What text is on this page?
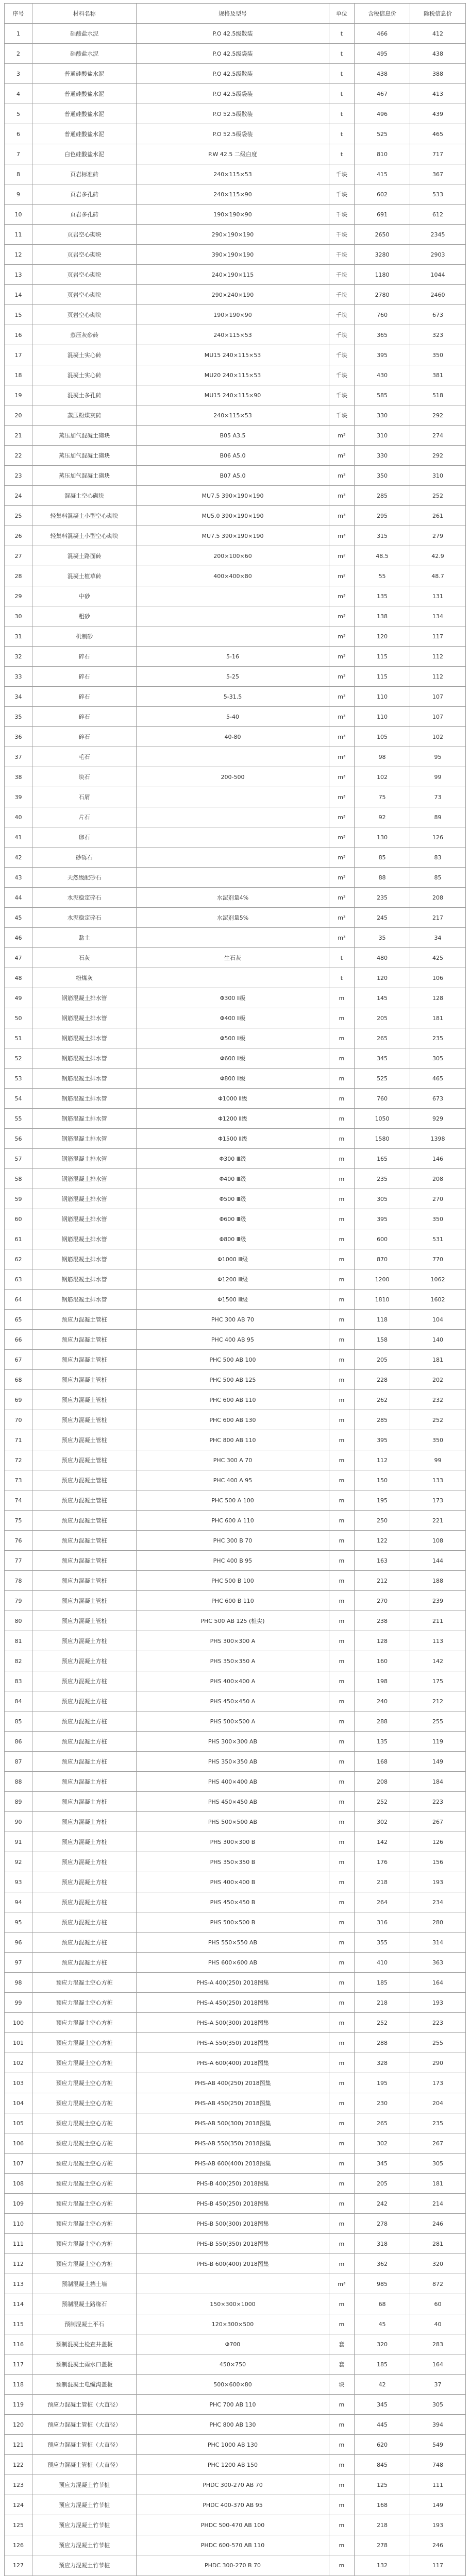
序号	材料名称	规格及型号	单位	含税信息价	除税信息价
1	硅酸盐水泥	P.O 42.5级散装	t	466	412
2	硅酸盐水泥	P.O 42.5级袋装	t	495	438
3	普通硅酸盐水泥	P.O 42.5级散装	t	438	388
4	普通硅酸盐水泥	P.O 42.5级袋装	t	467	413
5	普通硅酸盐水泥	P.O 52.5级散装	t	496	439
6	普通硅酸盐水泥	P.O 52.5级袋装	t	525	465
7	白色硅酸盐水泥	P.W 42.5 二级白度	t	810	717
8	页岩标准砖	240×115×53	千块	415	367
9	页岩多孔砖	240×115×90	千块	602	533
10	页岩多孔砖	190×190×90	千块	691	612
11	页岩空心砌块	290×190×190	千块	2650	2345
12	页岩空心砌块	390×190×190	千块	3280	2903
13	页岩空心砌块	240×190×115	千块	1180	1044
14	页岩空心砌块	290×240×190	千块	2780	2460
15	页岩空心砌块	190×190×90	千块	760	673
16	蒸压灰砂砖	240×115×53	千块	365	323
17	混凝土实心砖	MU15 240×115×53	千块	395	350
18	混凝土实心砖	MU20 240×115×53	千块	430	381
19	混凝土多孔砖	MU15 240×115×90	千块	585	518
20	蒸压粉煤灰砖	240×115×53	千块	330	292
21	蒸压加气混凝土砌块	B05 A3.5	m³	310	274
22	蒸压加气混凝土砌块	B06 A5.0	m³	330	292
23	蒸压加气混凝土砌块	B07 A5.0	m³	350	310
24	混凝土空心砌块	MU7.5 390×190×190	m³	285	252
25	轻集料混凝土小型空心砌块	MU5.0 390×190×190	m³	295	261
26	轻集料混凝土小型空心砌块	MU7.5 390×190×190	m³	315	279
27	混凝土路面砖	200×100×60	m²	48.5	42.9
28	混凝土植草砖	400×400×80	m²	55	48.7
29	中砂		m³	135	131
30	粗砂		m³	138	134
31	机制砂		m³	120	117
32	碎石	5-16	m³	115	112
33	碎石	5-25	m³	115	112
34	碎石	5-31.5	m³	110	107
35	碎石	5-40	m³	110	107
36	碎石	40-80	m³	105	102
37	毛石		m³	98	95
38	块石	200-500	m³	102	99
39	石屑		m³	75	73
40	片石		m³	92	89
41	卵石		m³	130	126
42	砂砾石		m³	85	83
43	天然级配砂石		m³	88	85
44	水泥稳定碎石	水泥剂量4%	m³	235	208
45	水泥稳定碎石	水泥剂量5%	m³	245	217
46	黏土		m³	35	34
47	石灰	生石灰	t	480	425
48	粉煤灰		t	120	106
49	钢筋混凝土排水管	Φ300 Ⅱ级	m	145	128
50	钢筋混凝土排水管	Φ400 Ⅱ级	m	205	181
51	钢筋混凝土排水管	Φ500 Ⅱ级	m	265	235
52	钢筋混凝土排水管	Φ600 Ⅱ级	m	345	305
53	钢筋混凝土排水管	Φ800 Ⅱ级	m	525	465
54	钢筋混凝土排水管	Φ1000 Ⅱ级	m	760	673
55	钢筋混凝土排水管	Φ1200 Ⅱ级	m	1050	929
56	钢筋混凝土排水管	Φ1500 Ⅱ级	m	1580	1398
57	钢筋混凝土排水管	Φ300 Ⅲ级	m	165	146
58	钢筋混凝土排水管	Φ400 Ⅲ级	m	235	208
59	钢筋混凝土排水管	Φ500 Ⅲ级	m	305	270
60	钢筋混凝土排水管	Φ600 Ⅲ级	m	395	350
61	钢筋混凝土排水管	Φ800 Ⅲ级	m	600	531
62	钢筋混凝土排水管	Φ1000 Ⅲ级	m	870	770
63	钢筋混凝土排水管	Φ1200 Ⅲ级	m	1200	1062
64	钢筋混凝土排水管	Φ1500 Ⅲ级	m	1810	1602
65	预应力混凝土管桩	PHC 300 AB 70	m	118	104
66	预应力混凝土管桩	PHC 400 AB 95	m	158	140
67	预应力混凝土管桩	PHC 500 AB 100	m	205	181
68	预应力混凝土管桩	PHC 500 AB 125	m	228	202
69	预应力混凝土管桩	PHC 600 AB 110	m	262	232
70	预应力混凝土管桩	PHC 600 AB 130	m	285	252
71	预应力混凝土管桩	PHC 800 AB 110	m	395	350
72	预应力混凝土管桩	PHC 300 A 70	m	112	99
73	预应力混凝土管桩	PHC 400 A 95	m	150	133
74	预应力混凝土管桩	PHC 500 A 100	m	195	173
75	预应力混凝土管桩	PHC 600 A 110	m	250	221
76	预应力混凝土管桩	PHC 300 B 70	m	122	108
77	预应力混凝土管桩	PHC 400 B 95	m	163	144
78	预应力混凝土管桩	PHC 500 B 100	m	212	188
79	预应力混凝土管桩	PHC 600 B 110	m	270	239
80	预应力混凝土管桩	PHC 500 AB 125 (桩尖)	m	238	211
81	预应力混凝土方桩	PHS 300×300 A	m	128	113
82	预应力混凝土方桩	PHS 350×350 A	m	160	142
83	预应力混凝土方桩	PHS 400×400 A	m	198	175
84	预应力混凝土方桩	PHS 450×450 A	m	240	212
85	预应力混凝土方桩	PHS 500×500 A	m	288	255
86	预应力混凝土方桩	PHS 300×300 AB	m	135	119
87	预应力混凝土方桩	PHS 350×350 AB	m	168	149
88	预应力混凝土方桩	PHS 400×400 AB	m	208	184
89	预应力混凝土方桩	PHS 450×450 AB	m	252	223
90	预应力混凝土方桩	PHS 500×500 AB	m	302	267
91	预应力混凝土方桩	PHS 300×300 B	m	142	126
92	预应力混凝土方桩	PHS 350×350 B	m	176	156
93	预应力混凝土方桩	PHS 400×400 B	m	218	193
94	预应力混凝土方桩	PHS 450×450 B	m	264	234
95	预应力混凝土方桩	PHS 500×500 B	m	316	280
96	预应力混凝土方桩	PHS 550×550 AB	m	355	314
97	预应力混凝土方桩	PHS 600×600 AB	m	410	363
98	预应力混凝土空心方桩	PHS-A 400(250) 2018图集	m	185	164
99	预应力混凝土空心方桩	PHS-A 450(250) 2018图集	m	218	193
100	预应力混凝土空心方桩	PHS-A 500(300) 2018图集	m	252	223
101	预应力混凝土空心方桩	PHS-A 550(350) 2018图集	m	288	255
102	预应力混凝土空心方桩	PHS-A 600(400) 2018图集	m	328	290
103	预应力混凝土空心方桩	PHS-AB 400(250) 2018图集	m	195	173
104	预应力混凝土空心方桩	PHS-AB 450(250) 2018图集	m	230	204
105	预应力混凝土空心方桩	PHS-AB 500(300) 2018图集	m	265	235
106	预应力混凝土空心方桩	PHS-AB 550(350) 2018图集	m	302	267
107	预应力混凝土空心方桩	PHS-AB 600(400) 2018图集	m	345	305
108	预应力混凝土空心方桩	PHS-B 400(250) 2018图集	m	205	181
109	预应力混凝土空心方桩	PHS-B 450(250) 2018图集	m	242	214
110	预应力混凝土空心方桩	PHS-B 500(300) 2018图集	m	278	246
111	预应力混凝土空心方桩	PHS-B 550(350) 2018图集	m	318	281
112	预应力混凝土空心方桩	PHS-B 600(400) 2018图集	m	362	320
113	预制混凝土挡土墙		m³	985	872
114	预制混凝土路缘石	150×300×1000	m	68	60
115	预制混凝土平石	120×300×500	m	45	40
116	预制混凝土检查井盖板	Φ700	套	320	283
117	预制混凝土雨水口盖板	450×750	套	185	164
118	预制混凝土电缆沟盖板	500×600×80	块	42	37
119	预应力混凝土管桩（大直径）	PHC 700 AB 110	m	345	305
120	预应力混凝土管桩（大直径）	PHC 800 AB 130	m	445	394
121	预应力混凝土管桩（大直径）	PHC 1000 AB 130	m	620	549
122	预应力混凝土管桩（大直径）	PHC 1200 AB 150	m	845	748
123	预应力混凝土竹节桩	PHDC 300-270 AB 70	m	125	111
124	预应力混凝土竹节桩	PHDC 400-370 AB 95	m	168	149
125	预应力混凝土竹节桩	PHDC 500-470 AB 100	m	218	193
126	预应力混凝土竹节桩	PHDC 600-570 AB 110	m	278	246
127	预应力混凝土竹节桩	PHDC 300-270 B 70	m	132	117
